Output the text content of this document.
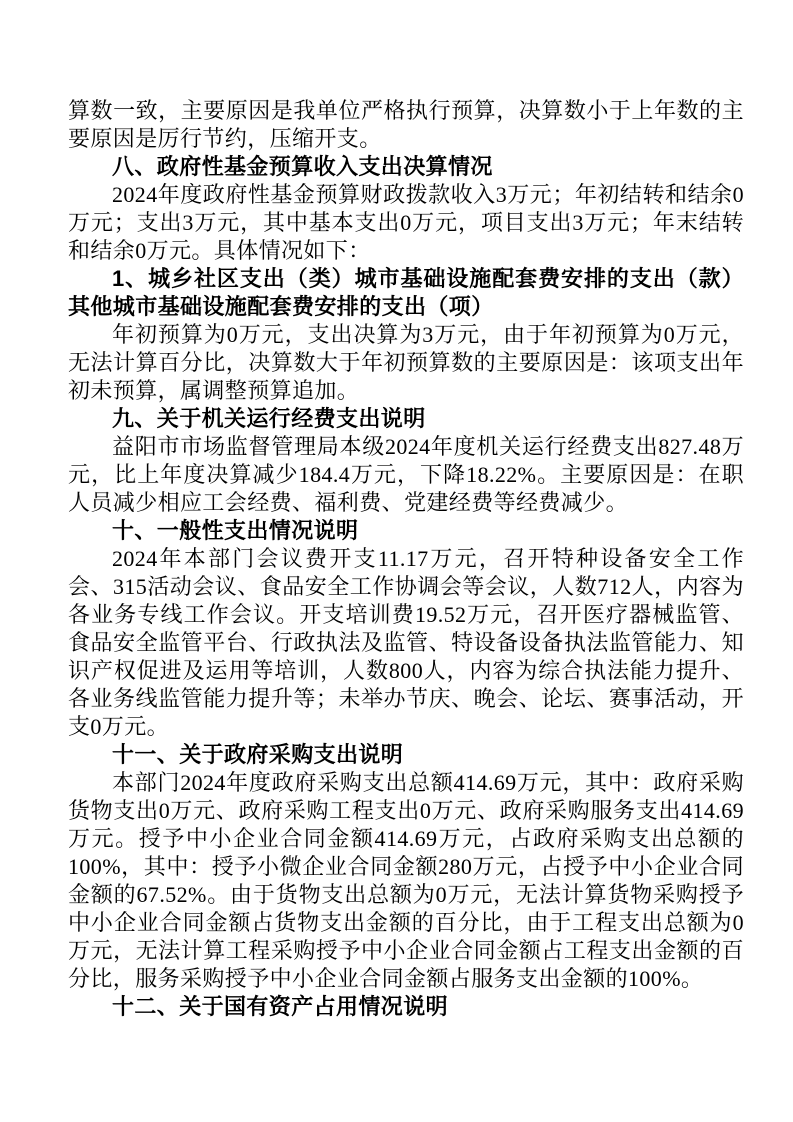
算数一致，主要原因是我单位严格执行预算，决算数小于上年数的主要原因是厉行节约，压缩开支。

八、政府性基金预算收入支出决算情况

2024年度政府性基金预算财政拨款收入3万元；年初结转和结余0万元；支出3万元，其中基本支出0万元，项目支出3万元；年末结转和结余0万元。具体情况如下：

1、城乡社区支出（类）城市基础设施配套费安排的支出（款）其他城市基础设施配套费安排的支出（项）

年初预算为0万元，支出决算为3万元，由于年初预算为0万元，无法计算百分比，决算数大于年初预算数的主要原因是：该项支出年初未预算，属调整预算追加。

九、关于机关运行经费支出说明

益阳市市场监督管理局本级2024年度机关运行经费支出827.48万元，比上年度决算减少184.4万元，下降18.22%。主要原因是：在职人员减少相应工会经费、福利费、党建经费等经费减少。

十、一般性支出情况说明

2024年本部门会议费开支11.17万元，召开特种设备安全工作会、315活动会议、食品安全工作协调会等会议，人数712人，内容为各业务专线工作会议。开支培训费19.52万元，召开医疗器械监管、食品安全监管平台、行政执法及监管、特设备设备执法监管能力、知识产权促进及运用等培训，人数800人，内容为综合执法能力提升、各业务线监管能力提升等；未举办节庆、晚会、论坛、赛事活动，开支0万元。

十一、关于政府采购支出说明

本部门2024年度政府采购支出总额414.69万元，其中：政府采购货物支出0万元、政府采购工程支出0万元、政府采购服务支出414.69万元。授予中小企业合同金额414.69万元，占政府采购支出总额的100%，其中：授予小微企业合同金额280万元，占授予中小企业合同金额的67.52%。由于货物支出总额为0万元，无法计算货物采购授予中小企业合同金额占货物支出金额的百分比，由于工程支出总额为0万元，无法计算工程采购授予中小企业合同金额占工程支出金额的百分比，服务采购授予中小企业合同金额占服务支出金额的100%。

十二、关于国有资产占用情况说明
